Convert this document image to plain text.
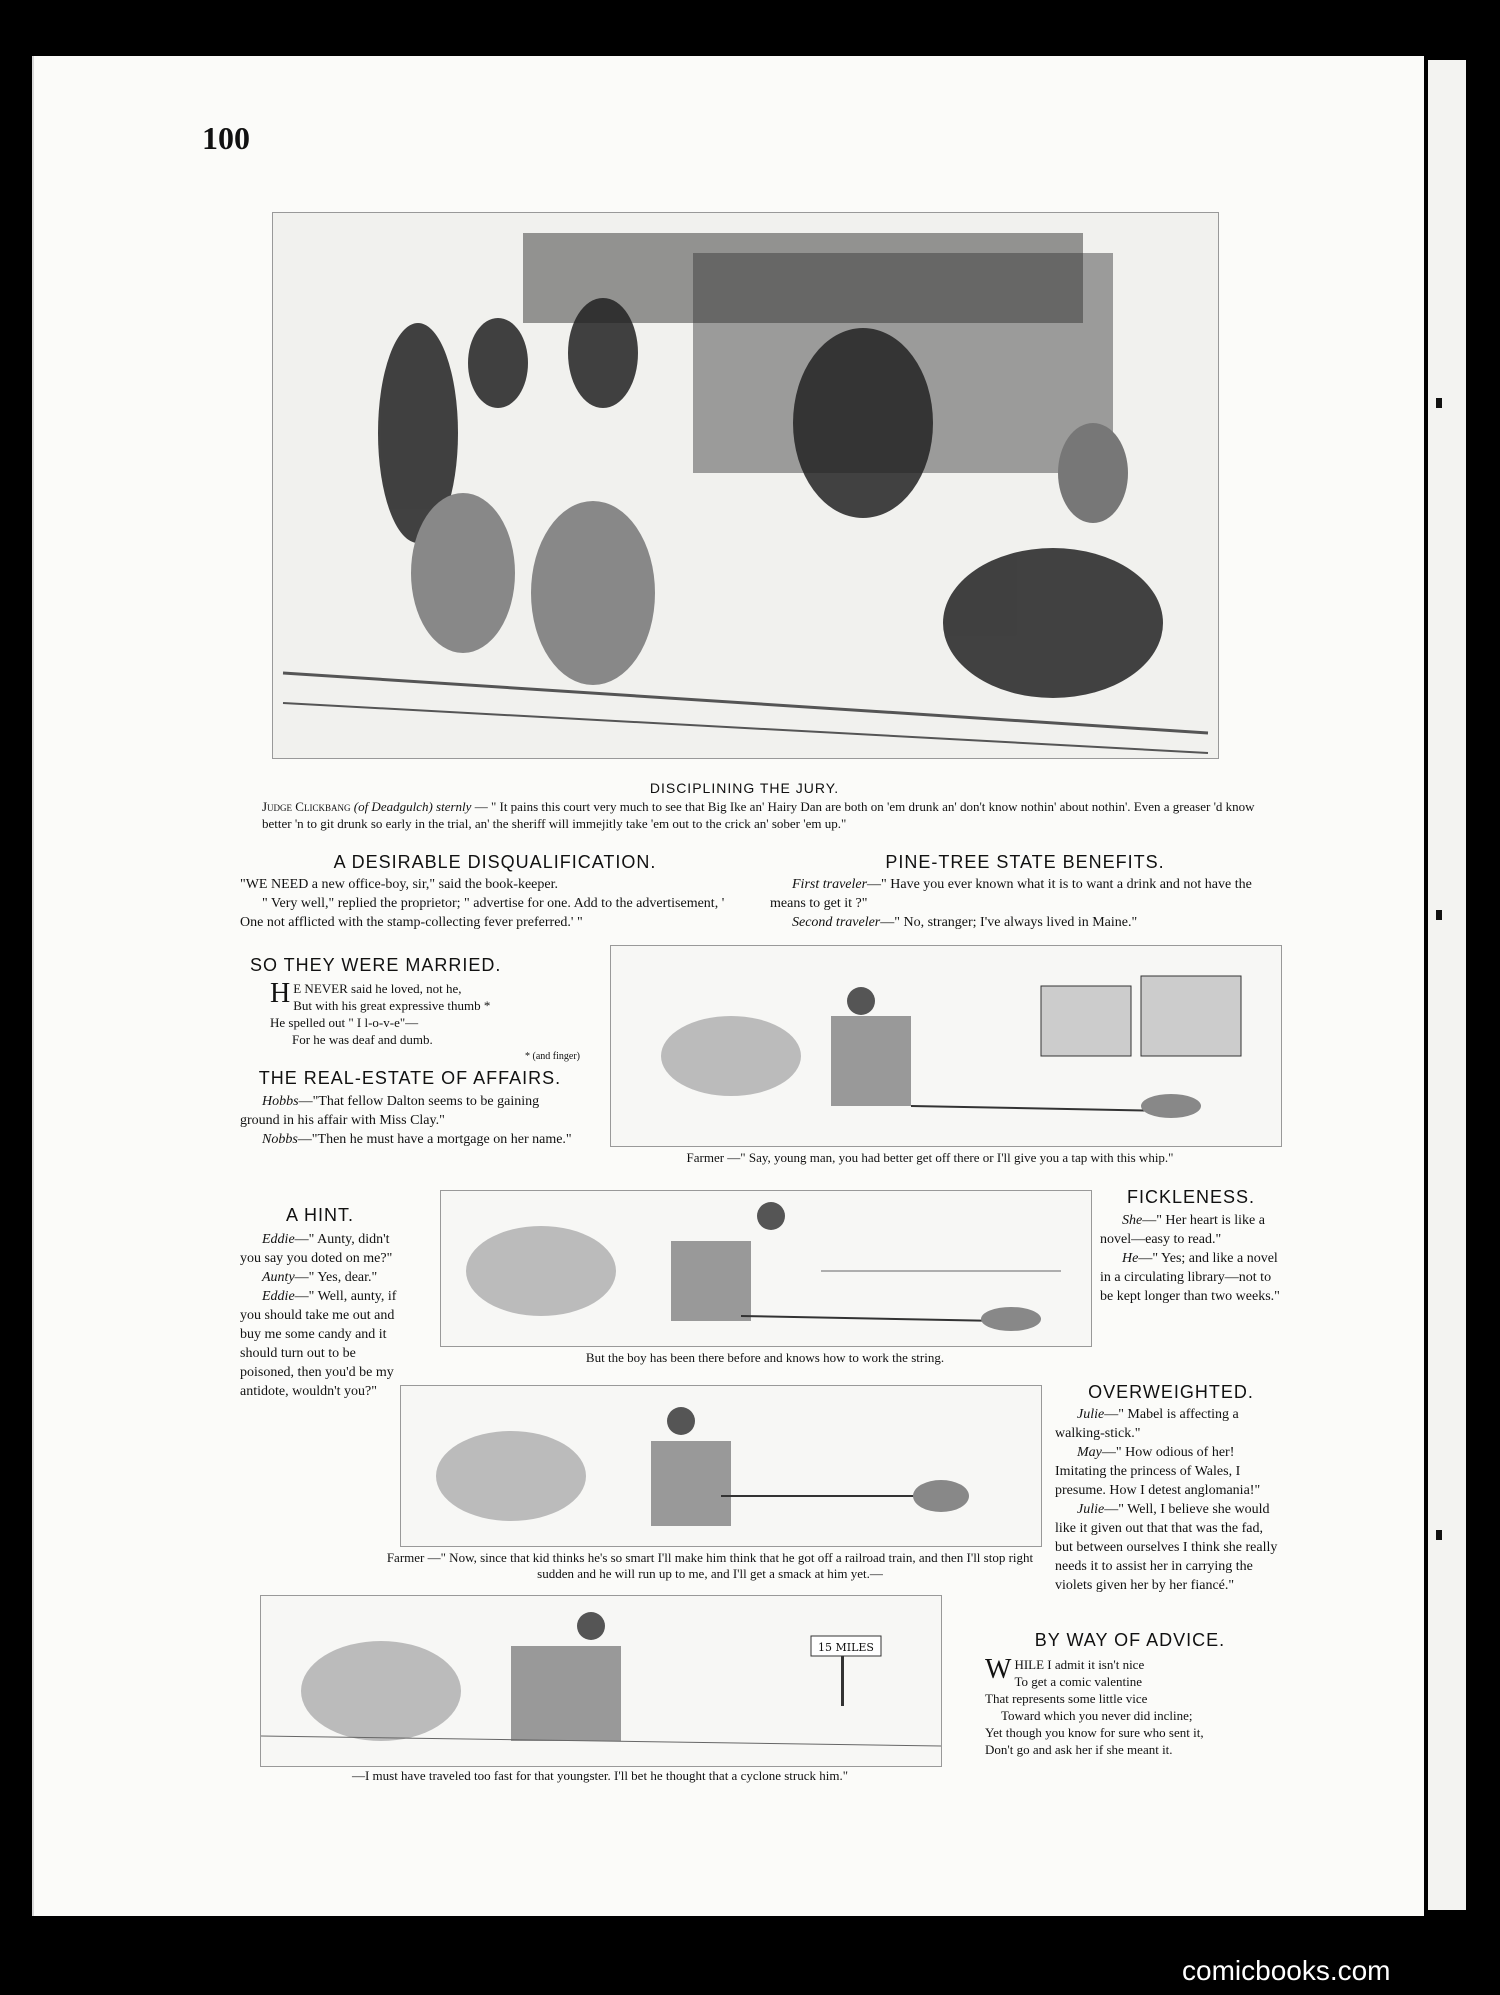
100
DISCIPLINING THE JURY.
Judge Clickbang (of Deadgulch) sternly — " It pains this court very much to see that Big Ike an' Hairy Dan are both on 'em drunk an' don't know nothin' about nothin'. Even a greaser 'd know better 'n to git drunk so early in the trial, an' the sheriff will immejitly take 'em out to the crick an' sober 'em up."
A DESIRABLE DISQUALIFICATION.

"WE NEED a new office-boy, sir," said the book-keeper.

" Very well," replied the proprietor; " advertise for one. Add to the advertisement, ' One not afflicted with the stamp-collecting fever preferred.' "

PINE-TREE STATE BENEFITS.

First traveler—" Have you ever known what it is to want a drink and not have the means to get it ?"

Second traveler—" No, stranger; I've always lived in Maine."

SO THEY WERE MARRIED.
H E NEVER said he loved, not he,

But with his great expressive thumb *

He spelled out " I l-o-v-e"—

For he was deaf and dumb.

* (and finger)

THE REAL-ESTATE OF AFFAIRS.

Hobbs—"That fellow Dalton seems to be gaining ground in his affair with Miss Clay."

Nobbs—"Then he must have a mortgage on her name."

Farmer —" Say, young man, you had better get off there or I'll give you a tap with this whip."
A HINT.

Eddie—" Aunty, didn't you say you doted on me?"

Aunty—" Yes, dear."

Eddie—" Well, aunty, if you should take me out and buy me some candy and it should turn out to be poisoned, then you'd be my antidote, wouldn't you?"

But the boy has been there before and knows how to work the string.
FICKLENESS.

She—" Her heart is like a novel—easy to read."

He—" Yes; and like a novel in a circulating library—not to be kept longer than two weeks."

OVERWEIGHTED.

Julie—" Mabel is affecting a walking-stick."

May—" How odious of her! Imitating the princess of Wales, I presume. How I detest anglomania!"

Julie—" Well, I believe she would like it given out that that was the fad, but between ourselves I think she really needs it to assist her in carrying the violets given her by her fiancé."

Farmer —" Now, since that kid thinks he's so smart I'll make him think that he got off a railroad train, and then I'll stop right sudden and he will run up to me, and I'll get a smack at him yet.—
15 MILES
—I must have traveled too fast for that youngster. I'll bet he thought that a cyclone struck him."
BY WAY OF ADVICE.
W HILE I admit it isn't nice

To get a comic valentine

That represents some little vice

Toward which you never did incline;

Yet though you know for sure who sent it,

Don't go and ask her if she meant it.

comicbooks.com
